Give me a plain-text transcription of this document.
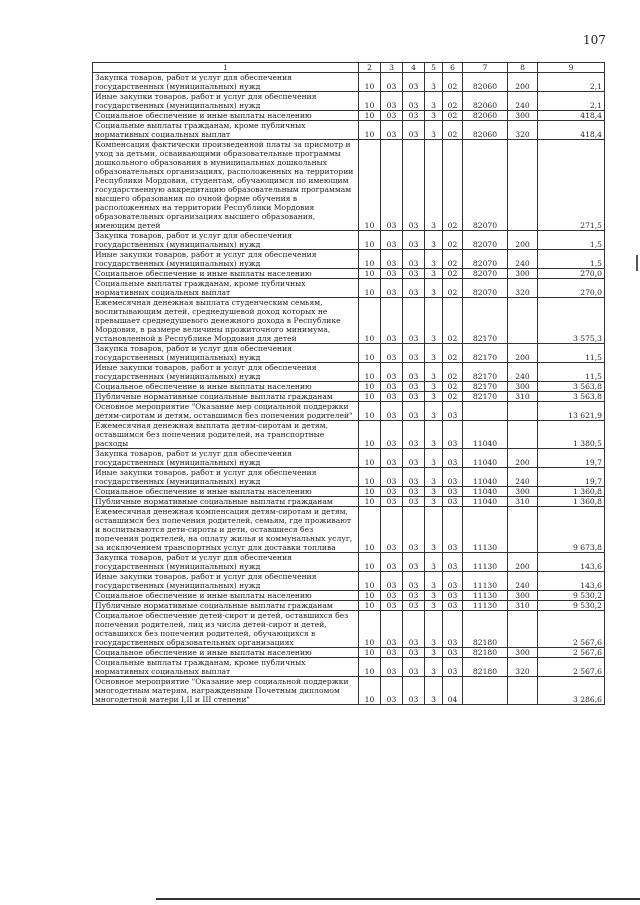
107
1	2	3	4	5	6	7	8	9
Закупка товаров, работ и услуг для обеспечения государственных (муниципальных) нужд	10	03	03	3	02	82060	200	2,1
Иные закупки товаров, работ и услуг для обеспечения государственных (муниципальных) нужд	10	03	03	3	02	82060	240	2,1
Социальное обеспечение и иные выплаты населению	10	03	03	3	02	82060	300	418,4
Социальные выплаты гражданам, кроме публичных нормативных социальных выплат	10	03	03	3	02	82060	320	418,4
Компенсация фактически произведенной платы за присмотр и уход за детьми, осваивающими образовательные программы дошкольного образования в муниципальных дошкольных образовательных организациях, расположенных на территории Республики Мордовия, студентам, обучающимся по имеющим государственную аккредитацию образовательным программам высшего образования по очной форме обучения в расположенных на территории Республики Мордовия образовательных организациях высшего образования, имеющим детей	10	03	03	3	02	82070		271,5
Закупка товаров, работ и услуг для обеспечения государственных (муниципальных) нужд	10	03	03	3	02	82070	200	1,5
Иные закупки товаров, работ и услуг для обеспечения государственных (муниципальных) нужд	10	03	03	3	02	82070	240	1,5
Социальное обеспечение и иные выплаты населению	10	03	03	3	02	82070	300	270,0
Социальные выплаты гражданам, кроме публичных нормативных социальных выплат	10	03	03	3	02	82070	320	270,0
Ежемесячная денежная выплата студенческим семьям, воспитывающим детей, среднедушевой доход которых не превышает среднедушевого денежного дохода в Республике Мордовия, в размере величины прожиточного минимума, установленной в Республике Мордовия для детей	10	03	03	3	02	82170		3 575,3
Закупка товаров, работ и услуг для обеспечения государственных (муниципальных) нужд	10	03	03	3	02	82170	200	11,5
Иные закупки товаров, работ и услуг для обеспечения государственных (муниципальных) нужд	10	03	03	3	02	82170	240	11,5
Социальное обеспечение и иные выплаты населению	10	03	03	3	02	82170	300	3 563,8
Публичные нормативные социальные выплаты гражданам	10	03	03	3	02	82170	310	3 563,8
Основное мероприятие "Оказание мер социальной поддержки детям-сиротам и детям, оставшимся без попечения родителей"	10	03	03	3	03			13 621,9
Ежемесячная денежная выплата детям-сиротам и детям, оставшимся без попечения родителей, на транспортные расходы	10	03	03	3	03	11040		1 380,5
Закупка товаров, работ и услуг для обеспечения государственных (муниципальных) нужд	10	03	03	3	03	11040	200	19,7
Иные закупки товаров, работ и услуг для обеспечения государственных (муниципальных) нужд	10	03	03	3	03	11040	240	19,7
Социальное обеспечение и иные выплаты населению	10	03	03	3	03	11040	300	1 360,8
Публичные нормативные социальные выплаты гражданам	10	03	03	3	03	11040	310	1 360,8
Ежемесячная денежная компенсация детям-сиротам и детям, оставшимся без попечения родителей, семьям, где проживают и воспитываются дети-сироты и дети, оставшиеся без попечения родителей, на оплату жилья и коммунальных услуг, за исключением транспортных услуг для доставки топлива	10	03	03	3	03	11130		9 673,8
Закупка товаров, работ и услуг для обеспечения государственных (муниципальных) нужд	10	03	03	3	03	11130	200	143,6
Иные закупки товаров, работ и услуг для обеспечения государственных (муниципальных) нужд	10	03	03	3	03	11130	240	143,6
Социальное обеспечение и иные выплаты населению	10	03	03	3	03	11130	300	9 530,2
Публичные нормативные социальные выплаты гражданам	10	03	03	3	03	11130	310	9 530,2
Социальное обеспечение детей-сирот и детей, оставшихся без попечения родителей, лиц из числа детей-сирот и детей, оставшихся без попечения родителей, обучающихся в государственных образовательных организациях	10	03	03	3	03	82180		2 567,6
Социальное обеспечение и иные выплаты населению	10	03	03	3	03	82180	300	2 567,6
Социальные выплаты гражданам, кроме публичных нормативных социальных выплат	10	03	03	3	03	82180	320	2 567,6
Основное мероприятие "Оказание мер социальной поддержки многодетным матерям, награжденным Почетным дипломом многодетной матери I,II и III степени"	10	03	03	3	04			3 286,6
